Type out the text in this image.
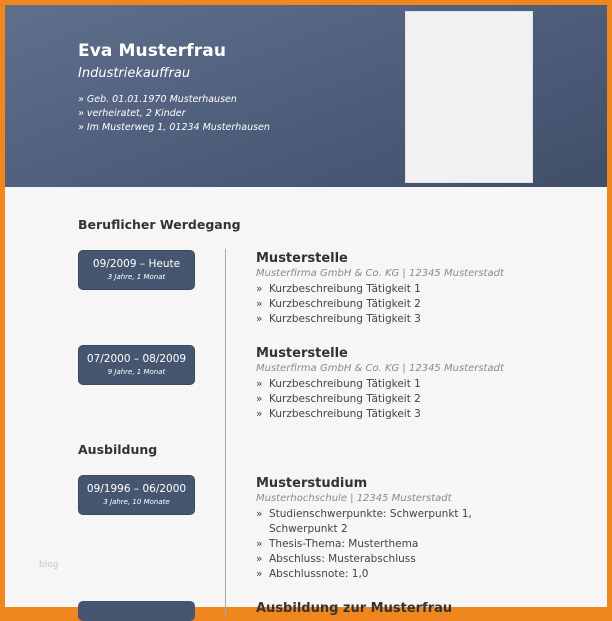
Eva Musterfrau
Industriekauffrau
» Geb. 01.01.1970 Musterhausen
» verheiratet, 2 Kinder
» Im Musterweg 1, 01234 Musterhausen
Beruflicher Werdegang
09/2009 – Heute
3 Jahre, 1 Monat
Musterstelle
Musterfirma GmbH & Co. KG | 12345 Musterstadt
» Kurzbeschreibung Tätigkeit 1
» Kurzbeschreibung Tätigkeit 2
» Kurzbeschreibung Tätigkeit 3
07/2000 – 08/2009
9 Jahre, 1 Monat
Musterstelle
Musterfirma GmbH & Co. KG | 12345 Musterstadt
» Kurzbeschreibung Tätigkeit 1
» Kurzbeschreibung Tätigkeit 2
» Kurzbeschreibung Tätigkeit 3
Ausbildung
09/1996 – 06/2000
3 Jahre, 10 Monate
Musterstudium
Musterhochschule | 12345 Musterstadt
» Studienschwerpunkte: Schwerpunkt 1, Schwerpunkt 2
» Thesis-Thema: Musterthema
» Abschluss: Musterabschluss
» Abschlussnote: 1,0
Ausbildung zur Musterfrau
blog
